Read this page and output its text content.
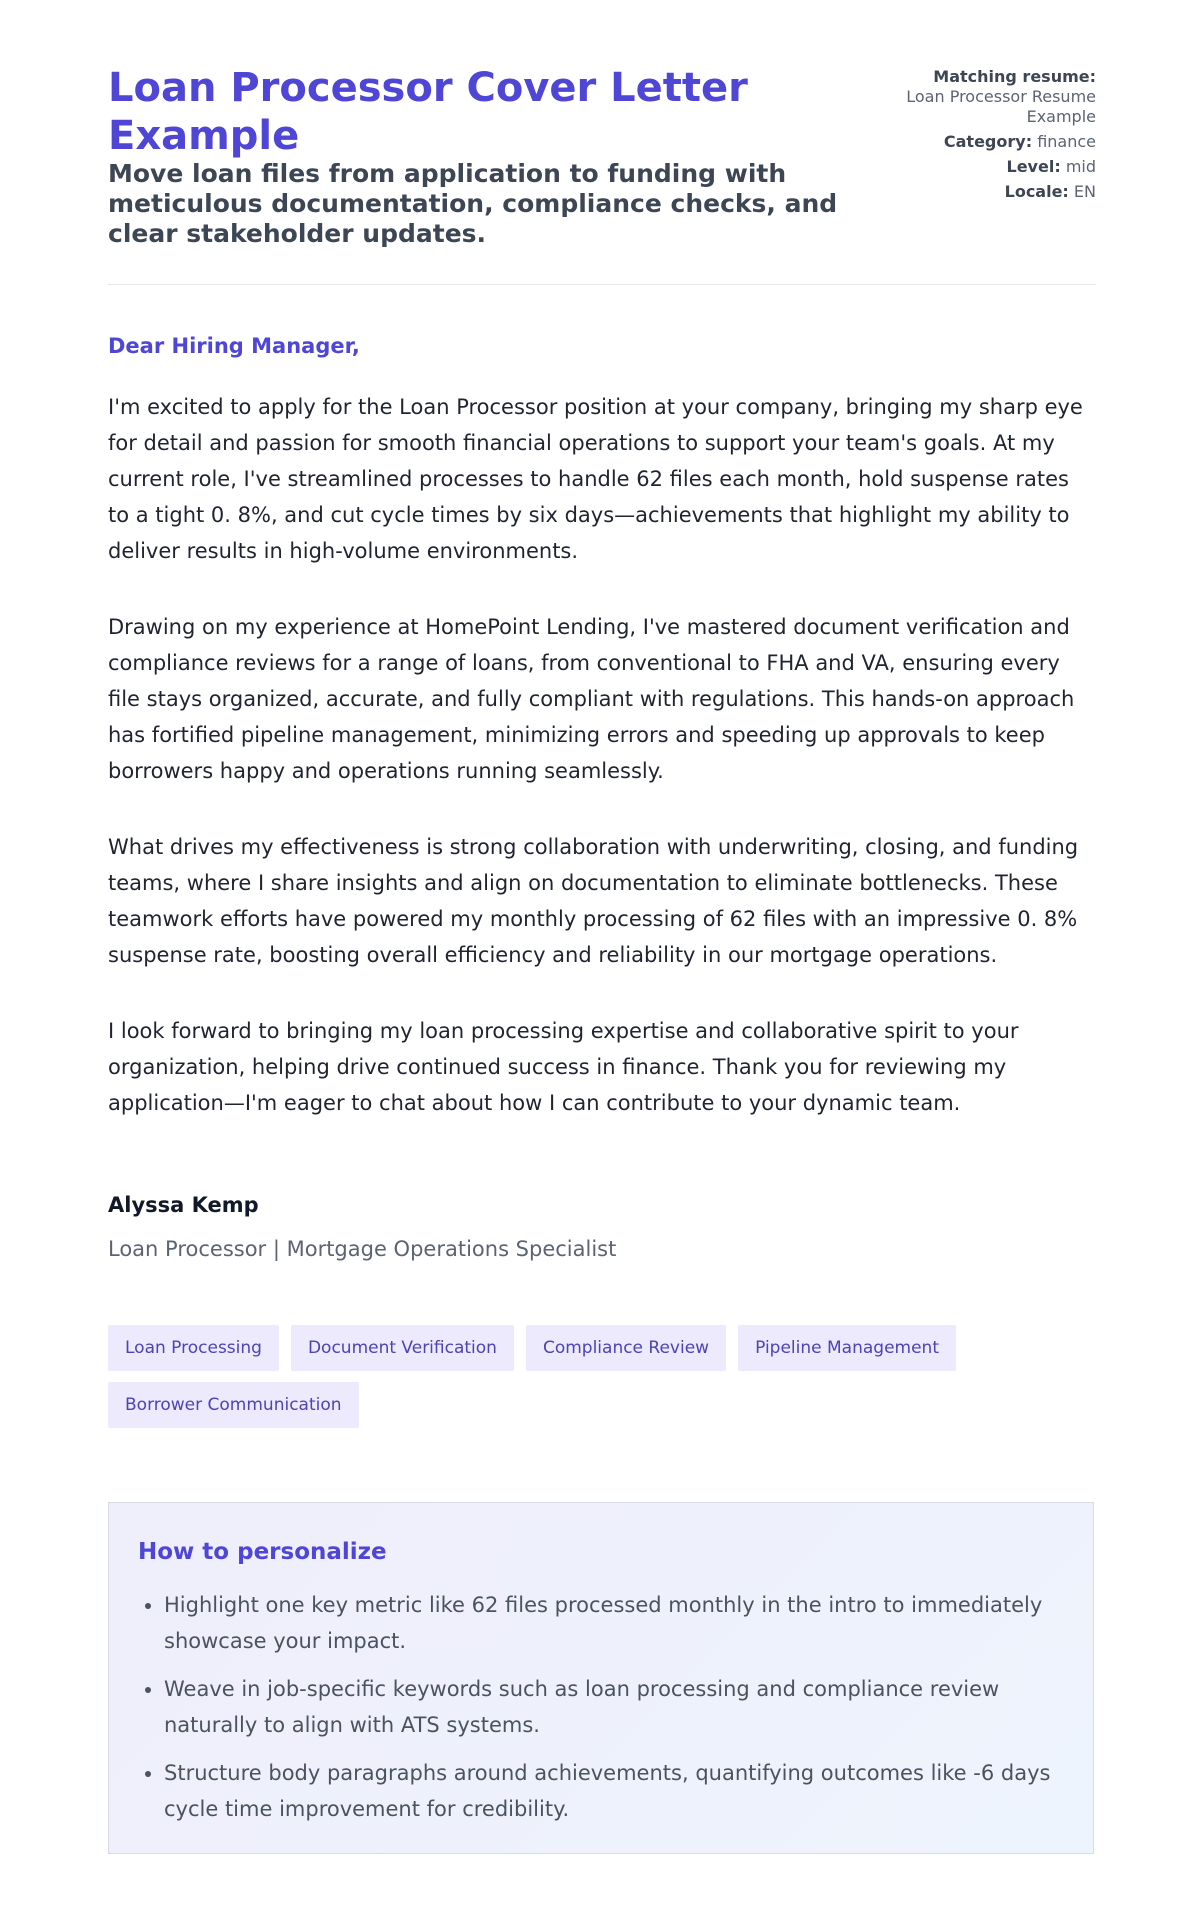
Loan Processor Cover Letter Example

Move loan files from application to funding with meticulous documentation, compliance checks, and clear stakeholder updates.

Matching resume:
Loan Processor Resume Example
Category: finance
Level: mid
Locale: EN

Dear Hiring Manager,

I'm excited to apply for the Loan Processor position at your company, bringing my sharp eye for detail and passion for smooth financial operations to support your team's goals. At my current role, I've streamlined processes to handle 62 files each month, hold suspense rates to a tight 0. 8%, and cut cycle times by six days—achievements that highlight my ability to deliver results in high-volume environments.

Drawing on my experience at HomePoint Lending, I've mastered document verification and compliance reviews for a range of loans, from conventional to FHA and VA, ensuring every file stays organized, accurate, and fully compliant with regulations. This hands-on approach has fortified pipeline management, minimizing errors and speeding up approvals to keep borrowers happy and operations running seamlessly.

What drives my effectiveness is strong collaboration with underwriting, closing, and funding teams, where I share insights and align on documentation to eliminate bottlenecks. These teamwork efforts have powered my monthly processing of 62 files with an impressive 0. 8% suspense rate, boosting overall efficiency and reliability in our mortgage operations.

I look forward to bringing my loan processing expertise and collaborative spirit to your organization, helping drive continued success in finance. Thank you for reviewing my application—I'm eager to chat about how I can contribute to your dynamic team.

Alyssa Kemp

Loan Processor | Mortgage Operations Specialist

Loan Processing	Document Verification	Compliance Review	Pipeline Management
Borrower Communication
How to personalize
• Highlight one key metric like 62 files processed monthly in the intro to immediately showcase your impact.
• Weave in job-specific keywords such as loan processing and compliance review naturally to align with ATS systems.
• Structure body paragraphs around achievements, quantifying outcomes like -6 days cycle time improvement for credibility.
